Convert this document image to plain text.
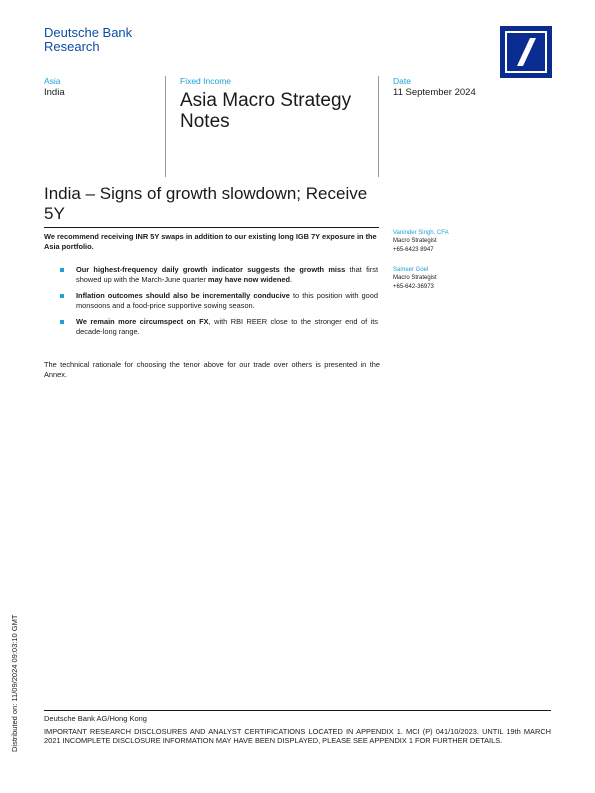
Deutsche Bank
Research
Asia
India
Fixed Income
Asia Macro Strategy Notes
Date
11 September 2024
India – Signs of growth slowdown; Receive 5Y
We recommend receiving INR 5Y swaps in addition to our existing long IGB 7Y exposure in the Asia portfolio.
Our highest-frequency daily growth indicator suggests the growth miss that first showed up with the March-June quarter may have now widened.
Inflation outcomes should also be incrementally conducive to this position with good monsoons and a food-price supportive sowing season.
We remain more circumspect on FX, with RBI REER close to the stronger end of its decade-long range.
The technical rationale for choosing the tenor above for our trade over others is presented in the Annex.
Vaninder Singh, CFA
Macro Strategist
+65-6423 8947
Sameer Goel
Macro Strategist
+65-642-36973
Distributed on: 11/09/2024 09:03:10 GMT	Deutsche Bank AG/Hong Kong
IMPORTANT RESEARCH DISCLOSURES AND ANALYST CERTIFICATIONS LOCATED IN APPENDIX 1. MCI (P) 041/10/2023. UNTIL 19th MARCH 2021 INCOMPLETE DISCLOSURE INFORMATION MAY HAVE BEEN DISPLAYED, PLEASE SEE APPENDIX 1 FOR FURTHER DETAILS.
